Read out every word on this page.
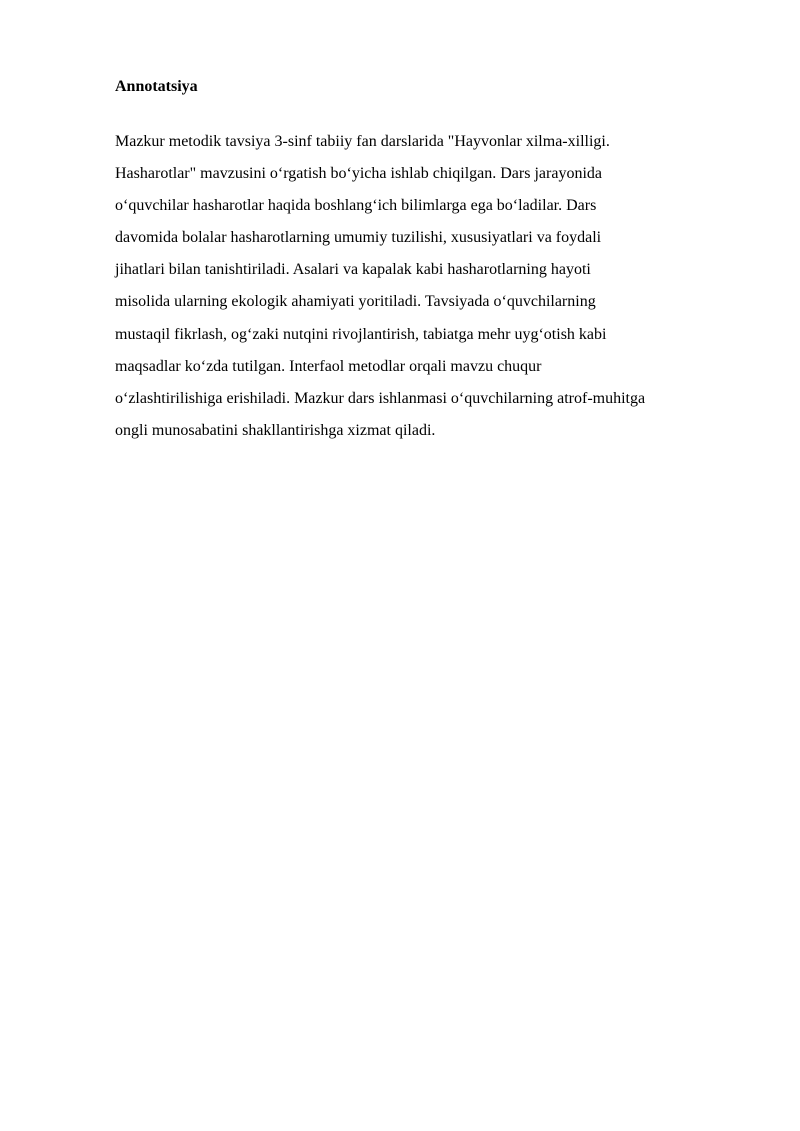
Annotatsiya

Mazkur metodik tavsiya 3-sinf tabiiy fan darslarida "Hayvonlar xilma-xilligi.
Hasharotlar" mavzusini o‘rgatish bo‘yicha ishlab chiqilgan. Dars jarayonida
o‘quvchilar hasharotlar haqida boshlang‘ich bilimlarga ega bo‘ladilar. Dars
davomida bolalar hasharotlarning umumiy tuzilishi, xususiyatlari va foydali
jihatlari bilan tanishtiriladi. Asalari va kapalak kabi hasharotlarning hayoti
misolida ularning ekologik ahamiyati yoritiladi. Tavsiyada o‘quvchilarning
mustaqil fikrlash, og‘zaki nutqini rivojlantirish, tabiatga mehr uyg‘otish kabi
maqsadlar ko‘zda tutilgan. Interfaol metodlar orqali mavzu chuqur
o‘zlashtirilishiga erishiladi. Mazkur dars ishlanmasi o‘quvchilarning atrof-muhitga
ongli munosabatini shakllantirishga xizmat qiladi.
